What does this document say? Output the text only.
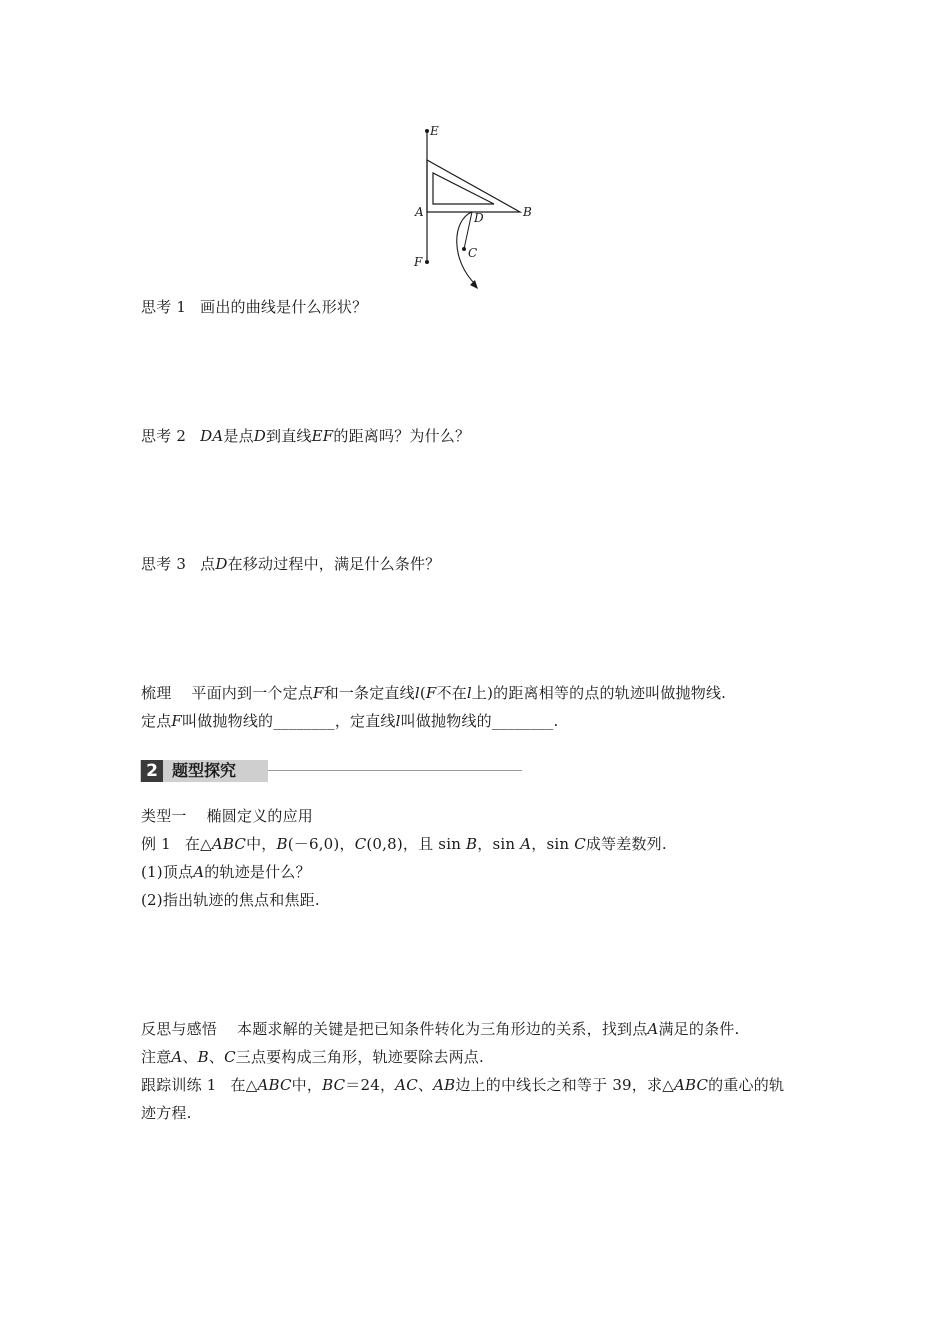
E
A	B
D
C
F
思考 1 画出的曲线是什么形状？
思考 2 DA是点D到直线EF的距离吗？为什么？
思考 3 点D在移动过程中，满足什么条件？
梳理 平面内到一个定点F和一条定直线l(F不在l上)的距离相等的点的轨迹叫做抛物线.
定点F叫做抛物线的________，定直线l叫做抛物线的________.
2 题型探究
类型一 椭圆定义的应用
例 1 在△ABC中，B(－6,0)，C(0,8)，且 sin B，sin A，sin C成等差数列.
(1)顶点A的轨迹是什么？
(2)指出轨迹的焦点和焦距.
反思与感悟 本题求解的关键是把已知条件转化为三角形边的关系，找到点A满足的条件.
注意A、B、C三点要构成三角形，轨迹要除去两点.
跟踪训练 1 在△ABC中，BC＝24，AC、AB边上的中线长之和等于 39，求△ABC的重心的轨
迹方程.
